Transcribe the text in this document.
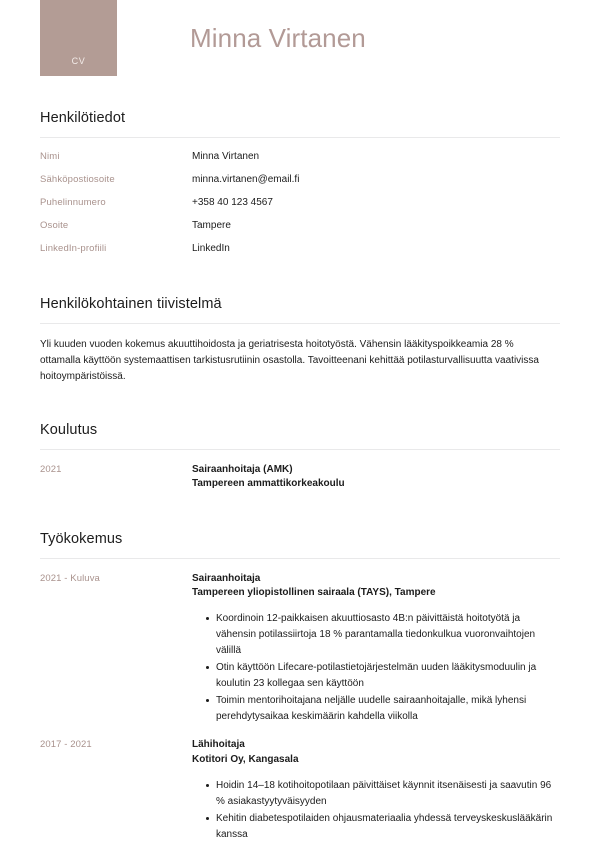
CV
Minna Virtanen
Henkilötiedot
Nimi	Minna Virtanen
Sähköpostiosoite	minna.virtanen@email.fi
Puhelinnumero	+358 40 123 4567
Osoite	Tampere
LinkedIn-profiili	LinkedIn
Henkilökohtainen tiivistelmä

Yli kuuden vuoden kokemus akuuttihoidosta ja geriatrisesta hoitotyöstä. Vähensin lääkityspoikkeamia 28 % ottamalla käyttöön systemaattisen tarkistusrutiinin osastolla. Tavoitteenani kehittää potilasturvallisuutta vaativissa hoitoympäristöissä.

Koulutus
2021	Sairaanhoitaja (AMK)
Tampereen ammattikorkeakoulu
Työkokemus
2021 - Kuluva	Sairaanhoitaja
Tampereen yliopistollinen sairaala (TAYS), Tampere
Koordinoin 12-paikkaisen akuuttiosasto 4B:n päivittäistä hoitotyötä ja vähensin potilassiirtoja 18 % parantamalla tiedonkulkua vuoronvaihtojen välillä
Otin käyttöön Lifecare-potilastietojärjestelmän uuden lääkitysmoduulin ja koulutin 23 kollegaa sen käyttöön
Toimin mentorihoitajana neljälle uudelle sairaanhoitajalle, mikä lyhensi perehdytysaikaa keskimäärin kahdella viikolla
2017 - 2021	Lähihoitaja
Kotitori Oy, Kangasala
Hoidin 14–18 kotihoitopotilaan päivittäiset käynnit itsenäisesti ja saavutin 96 % asiakastyytyväisyyden
Kehitin diabetespotilaiden ohjausmateriaalia yhdessä terveyskeskuslääkärin kanssa
